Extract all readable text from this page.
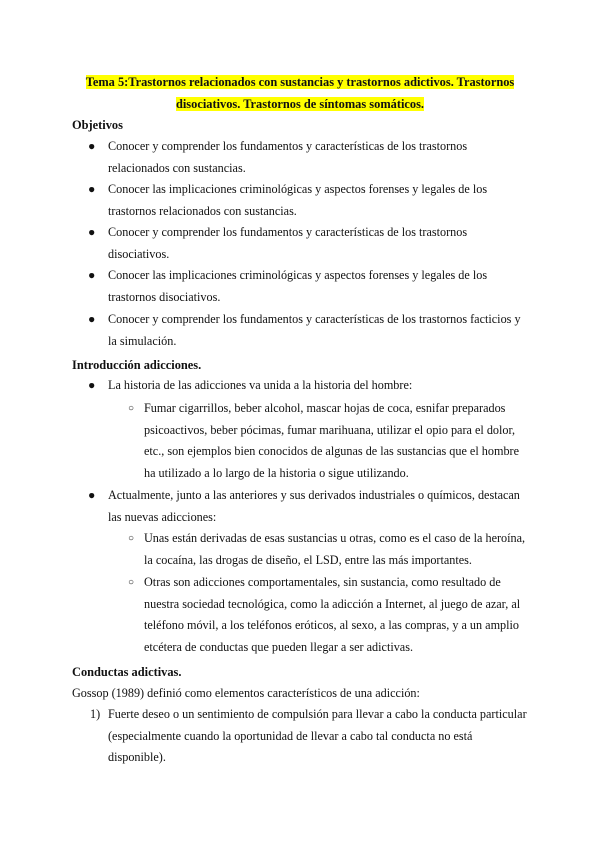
Tema 5:Trastornos relacionados con sustancias y trastornos adictivos. Trastornos
disociativos. Trastornos de síntomas somáticos.
Objetivos
● Conocer y comprender los fundamentos y características de los trastornos
relacionados con sustancias.
● Conocer las implicaciones criminológicas y aspectos forenses y legales de los
trastornos relacionados con sustancias.
● Conocer y comprender los fundamentos y características de los trastornos
disociativos.
● Conocer las implicaciones criminológicas y aspectos forenses y legales de los
trastornos disociativos.
● Conocer y comprender los fundamentos y características de los trastornos facticios y
la simulación.
Introducción adicciones.
● La historia de las adicciones va unida a la historia del hombre:
○ Fumar cigarrillos, beber alcohol, mascar hojas de coca, esnifar preparados
psicoactivos, beber pócimas, fumar marihuana, utilizar el opio para el dolor,
etc., son ejemplos bien conocidos de algunas de las sustancias que el hombre
ha utilizado a lo largo de la historia o sigue utilizando.
● Actualmente, junto a las anteriores y sus derivados industriales o químicos, destacan
las nuevas adicciones:
○ Unas están derivadas de esas sustancias u otras, como es el caso de la heroína,
la cocaína, las drogas de diseño, el LSD, entre las más importantes.
○ Otras son adicciones comportamentales, sin sustancia, como resultado de
nuestra sociedad tecnológica, como la adicción a Internet, al juego de azar, al
teléfono móvil, a los teléfonos eróticos, al sexo, a las compras, y a un amplio
etcétera de conductas que pueden llegar a ser adictivas.
Conductas adictivas.
Gossop (1989) definió como elementos característicos de una adicción:
1) Fuerte deseo o un sentimiento de compulsión para llevar a cabo la conducta particular
(especialmente cuando la oportunidad de llevar a cabo tal conducta no está
disponible).
